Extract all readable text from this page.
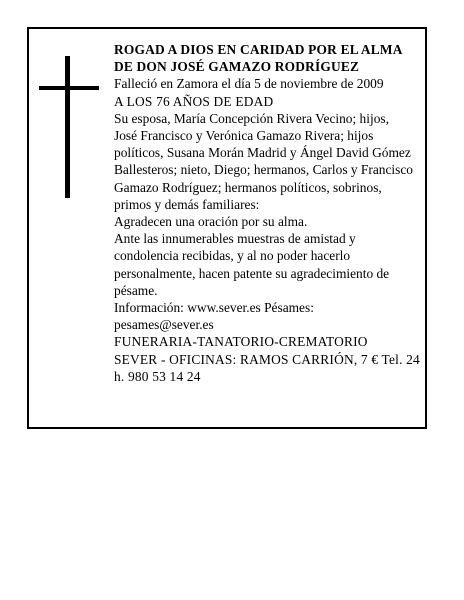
ROGAD A DIOS EN CARIDAD POR EL ALMA
DE DON JOSÉ GAMAZO RODRÍGUEZ
Falleció en Zamora el día 5 de noviembre de 2009
A LOS 76 AÑOS DE EDAD
Su esposa, María Concepción Rivera Vecino; hijos,
José Francisco y Verónica Gamazo Rivera; hijos
políticos, Susana Morán Madrid y Ángel David Gómez
Ballesteros; nieto, Diego; hermanos, Carlos y Francisco
Gamazo Rodríguez; hermanos políticos, sobrinos,
primos y demás familiares:
Agradecen una oración por su alma.
Ante las innumerables muestras de amistad y
condolencia recibidas, y al no poder hacerlo
personalmente, hacen patente su agradecimiento de
pésame.
Información: www.sever.es Pésames:
pesames@sever.es
FUNERARIA-TANATORIO-CREMATORIO
SEVER - OFICINAS: RAMOS CARRIÓN, 7 € Tel. 24
h. 980 53 14 24
